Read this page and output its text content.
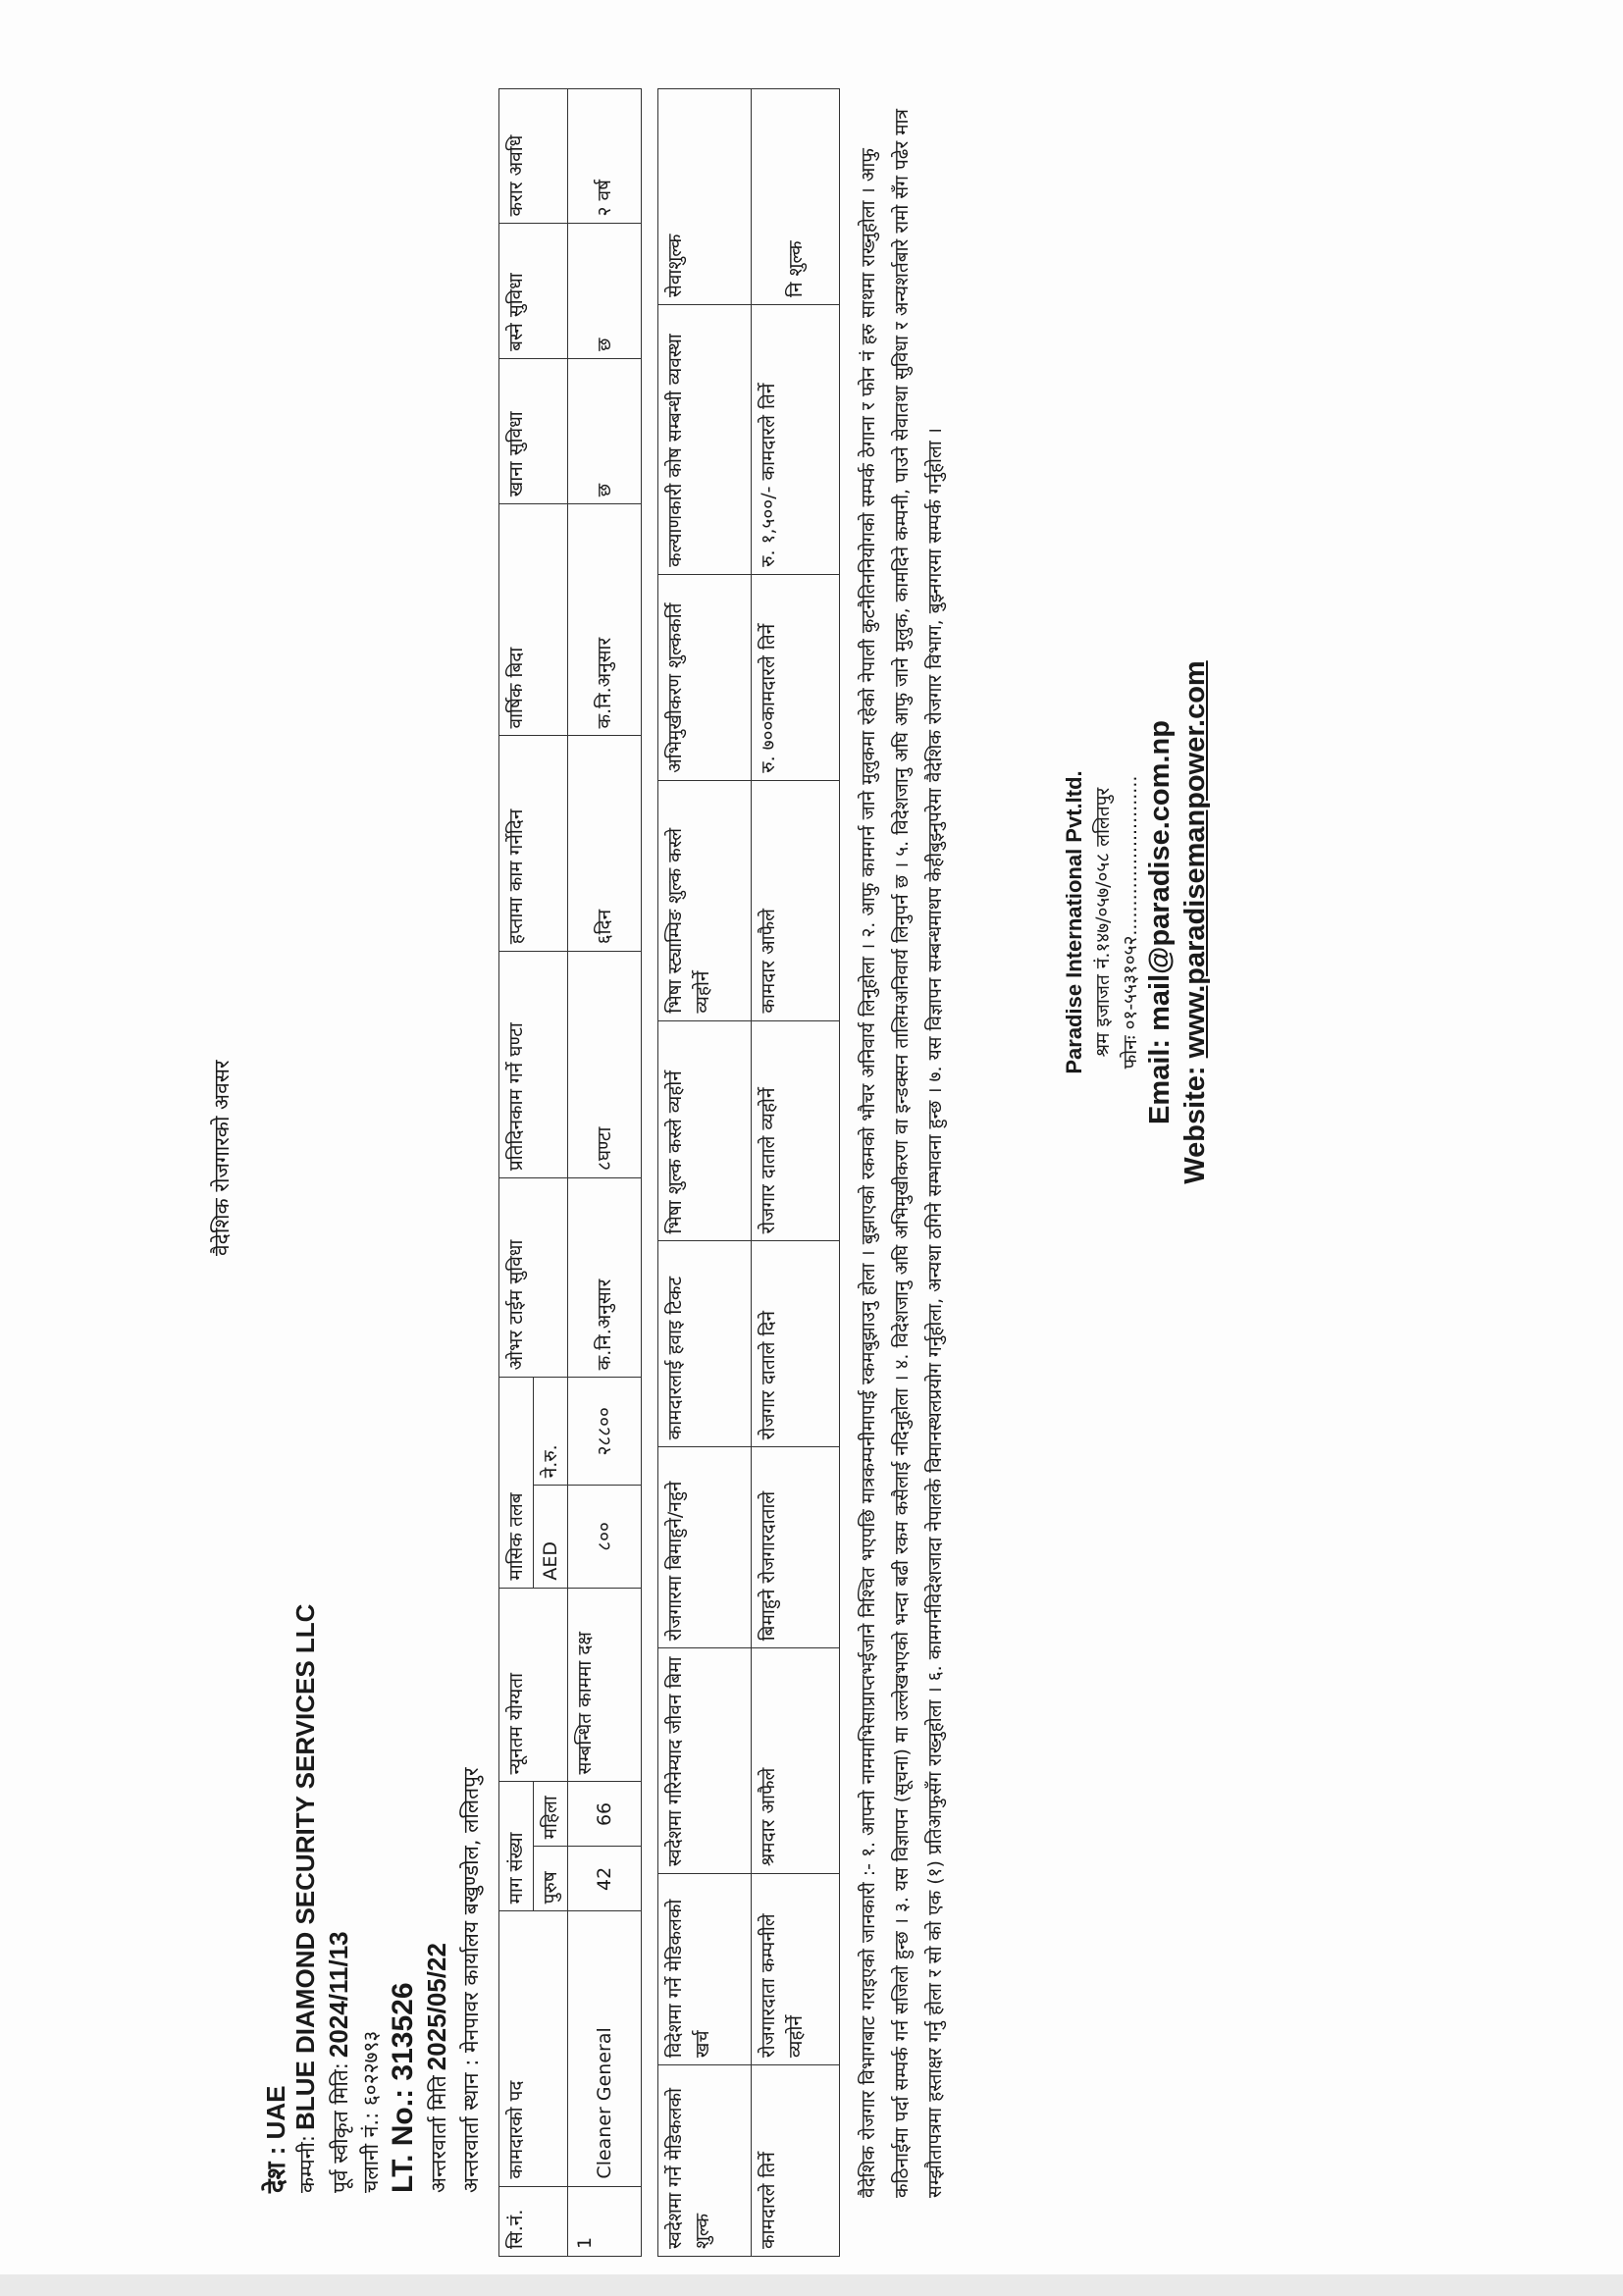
वैदेशिक रोजगारको अवसर
देश : UAE कम्पनी: BLUE DIAMOND SECURITY SERVICES LLC पूर्व स्वीकृत मिति: 2024/11/13
चलानी नं.: ६०२२७९३ LT. No.: 313526 अन्तरवार्ता मिति 2025/05/22 अन्तरवार्ता स्थान : मेनपावर कार्यालय बखुण्डोल, ललितपुर
सि.नं.	कामदारको पद	माग संख्या		न्यूनतम योग्यता	मासिक तलब		ओभर टाईम सुविधा	प्रतिदिनकाम गर्ने घण्टा	हप्तामा काम गर्नेदिन	वार्षिक बिदा	खाना सुविधा	बस्ने सुविधा	करार अवधि
		पुरुष	महिला		AED	ने.रु.							
1	Cleaner General	42	66	सम्बन्धित काममा दक्ष	८००	२८८००	क.नि.अनुसार	८घण्टा	६दिन	क.नि.अनुसार	छ	छ	२ वर्ष
स्वदेशमा गर्ने मेडिकलको शुल्क	विदेशमा गर्ने मेडिकलको खर्च	स्वदेशमा गरिनेम्याद जीवन बिमा	रोजगारमा बिमाहुने/नहुने	कामदारलाई हवाइ टिकट	भिषा शुल्क कस्ले व्यहोर्ने	भिषा स्ट्याम्पिङ शुल्क कस्ले व्यहोर्ने	अभिमुखीकरण शुल्ककर्ति	कल्याणकारी कोष सम्बन्धी व्यवस्था	सेवाशुल्क
कामदारले तिर्ने	रोजगारदाता कम्पनीले व्यहोर्ने	श्रमदार आफैले	बिमाहुने रोजगारदाताले	रोजगार दाताले दिने	रोजगार दाताले व्यहोर्ने	कामदार आफैले	रु. ७००कामदारले तिर्ने	रु. १,५००/- कामदारले तिर्ने	नि शुल्क	वैदेशिक रोजगार विभागबाट गराइएको जानकारी :- १. आफ्नो नाममाभिसाप्राप्तभईजाने निश्चित भएपछि मात्रकम्पनीमापाई रकमबुझाउनु होला । बुझाएको रकमको भौचर अनिवार्य लिनुहोला । २. आफु कामगर्न जाने मुलुकमा रहेको नेपाली कुटनैतिननियोगको सम्पर्क ठेगाना र फोन नं हरु साथमा राख्नुहोला । आफु कठिनाईमा पर्दा सम्पर्क गर्न सजिलो हुन्छ । ३. यस विज्ञापन (सूचना) मा उल्लेखभएको भन्दा बढी रकम कसैलाई नदिनुहोला । ४. विदेशजानु अघि अभिमुखीकरण वा इन्डक्सन तालिमअनिवार्य लिनुपर्न छ । ५. विदेशजानु अघि आफु जाने मुलुक, कामदिने कम्पनी, पाउने सेवातथा सुविधा र अन्यशर्तबारे रामो सँग पढेर मात्र सम्झौतापत्रमा हस्ताक्षर गर्नु होला र सो को एक (१) प्रतिआफुसँग राख्नुहोला । ६. कामगर्नविदेशजादा नेपालके विमानस्थलप्रयोग गर्नुहोला, अन्यथा ठगिने सम्भावना हुन्छ । ७. यस विज्ञापन सम्बन्धमाथप केहीबुझ्नुपरेमा वैदेशिक रोजगार विभाग, बुझ्नगरमा सम्पर्क गर्नुहोला ।	Paradise International Pvt.ltd. श्रम इजाजत नं.१४७/०५७/०५८ ललितपुर फोनः ०१-५५३१०५२........................... Email: mail@paradise.com.np
Website: www.paradisemanpower.com
